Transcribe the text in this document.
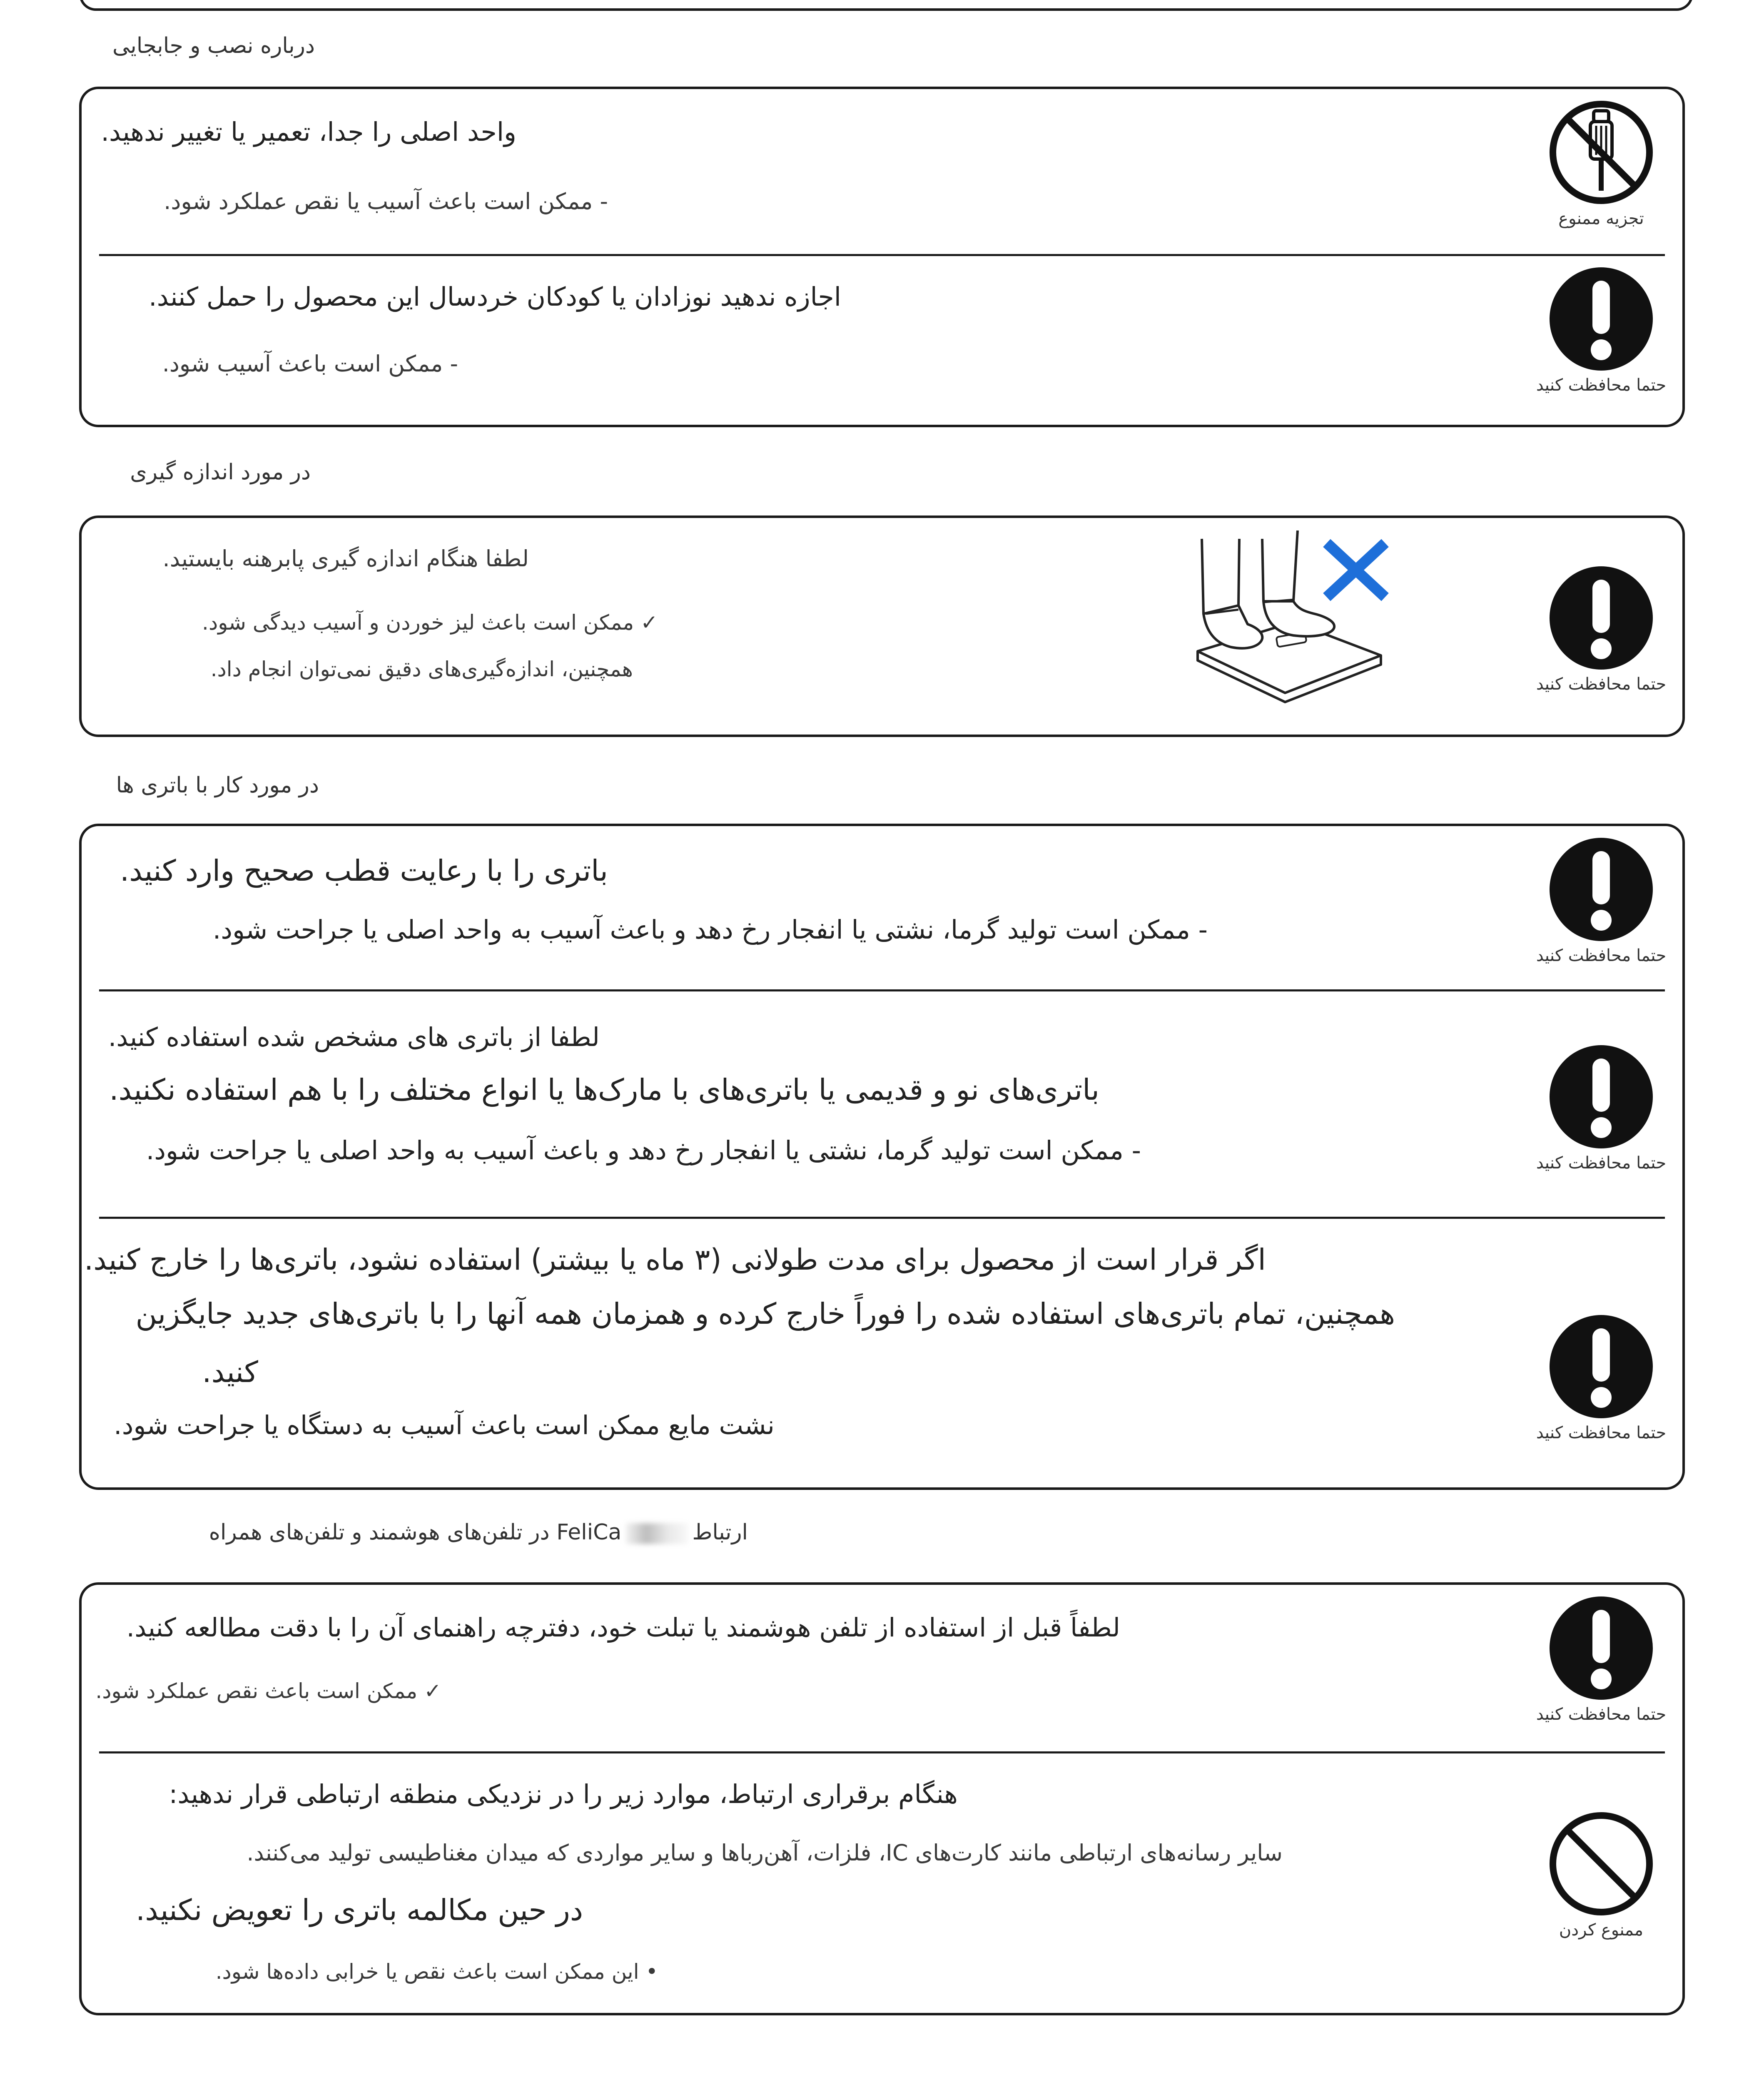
درباره نصب و جابجایی
تجزیه ممنوع
واحد اصلی را جدا، تعمیر یا تغییر ندهید.
- ممکن است باعث آسیب یا نقص عملکرد شود.
حتما محافظت کنید
اجازه ندهید نوزادان یا کودکان خردسال این محصول را حمل کنند.
- ممکن است باعث آسیب شود.
در مورد اندازه گیری
حتما محافظت کنید
لطفا هنگام اندازه گیری پابرهنه بایستید.
✓ ممکن است باعث لیز خوردن و آسیب دیدگی شود.
همچنین، اندازه‌گیری‌های دقیق نمی‌توان انجام داد.
در مورد کار با باتری ها
حتما محافظت کنید
باتری را با رعایت قطب صحیح وارد کنید.
- ممکن است تولید گرما، نشتی یا انفجار رخ دهد و باعث آسیب به واحد اصلی یا جراحت شود.
حتما محافظت کنید
لطفا از باتری های مشخص شده استفاده کنید.
باتری‌های نو و قدیمی یا باتری‌های با مارک‌ها یا انواع مختلف را با هم استفاده نکنید.
- ممکن است تولید گرما، نشتی یا انفجار رخ دهد و باعث آسیب به واحد اصلی یا جراحت شود.
حتما محافظت کنید
اگر قرار است از محصول برای مدت طولانی (۳ ماه یا بیشتر) استفاده نشود، باتری‌ها را خارج کنید.
همچنین، تمام باتری‌های استفاده شده را فوراً خارج کرده و همزمان همه آنها را با باتری‌های جدید جایگزین
کنید.
نشت مایع ممکن است باعث آسیب به دستگاه یا جراحت شود.
ارتباطFeliCa در تلفن‌های هوشمند و تلفن‌های همراه
حتما محافظت کنید
لطفاً قبل از استفاده از تلفن هوشمند یا تبلت خود، دفترچه راهنمای آن را با دقت مطالعه کنید.
✓ ممکن است باعث نقص عملکرد شود.
ممنوع کردن
هنگام برقراری ارتباط، موارد زیر را در نزدیکی منطقه ارتباطی قرار ندهید:
سایر رسانه‌های ارتباطی مانند کارت‌های IC، فلزات، آهن‌رباها و سایر مواردی که میدان مغناطیسی تولید می‌کنند.
در حین مکالمه باتری را تعویض نکنید.
• این ممکن است باعث نقص یا خرابی داده‌ها شود.
